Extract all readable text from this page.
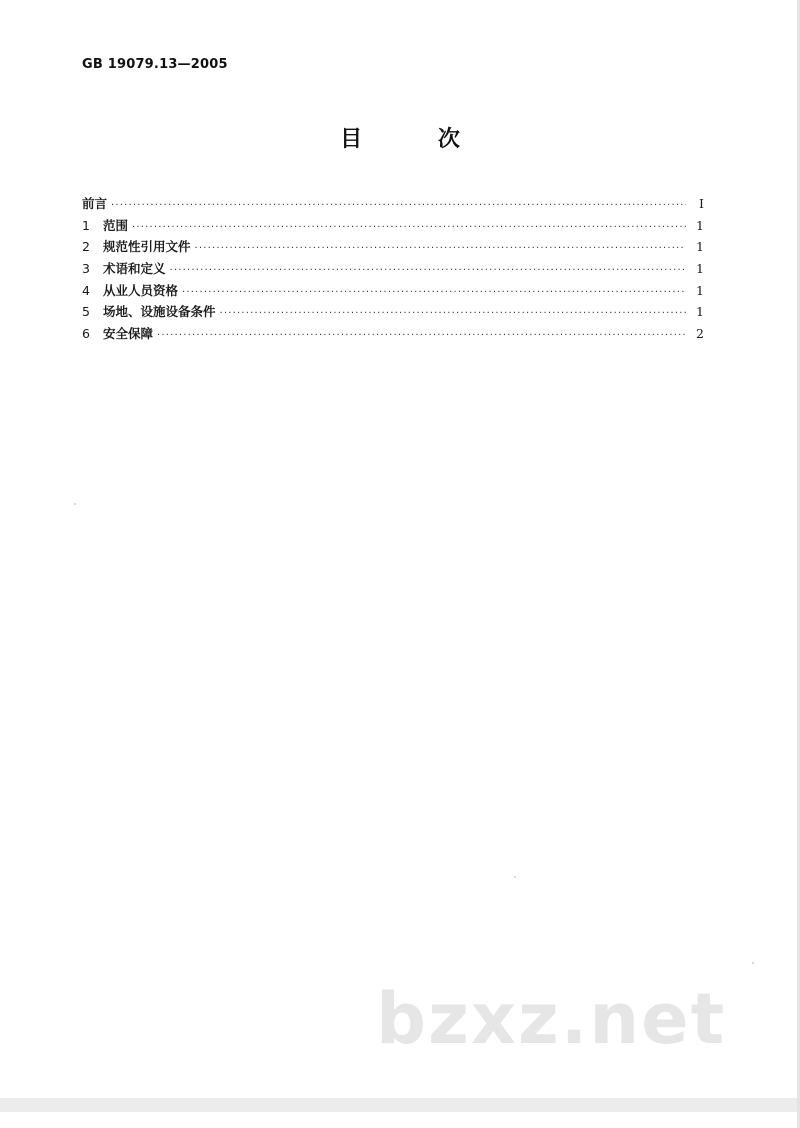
GB 19079.13—2005
目 次
前言 ·····	I
1	范围 ·····	1
2	规范性引用文件 ·····	1
3	术语和定义 ·····	1
4	从业人员资格 ·····	1
5	场地、设施设备条件 ·····	1
6	安全保障 ·····	2
bzxz.net
